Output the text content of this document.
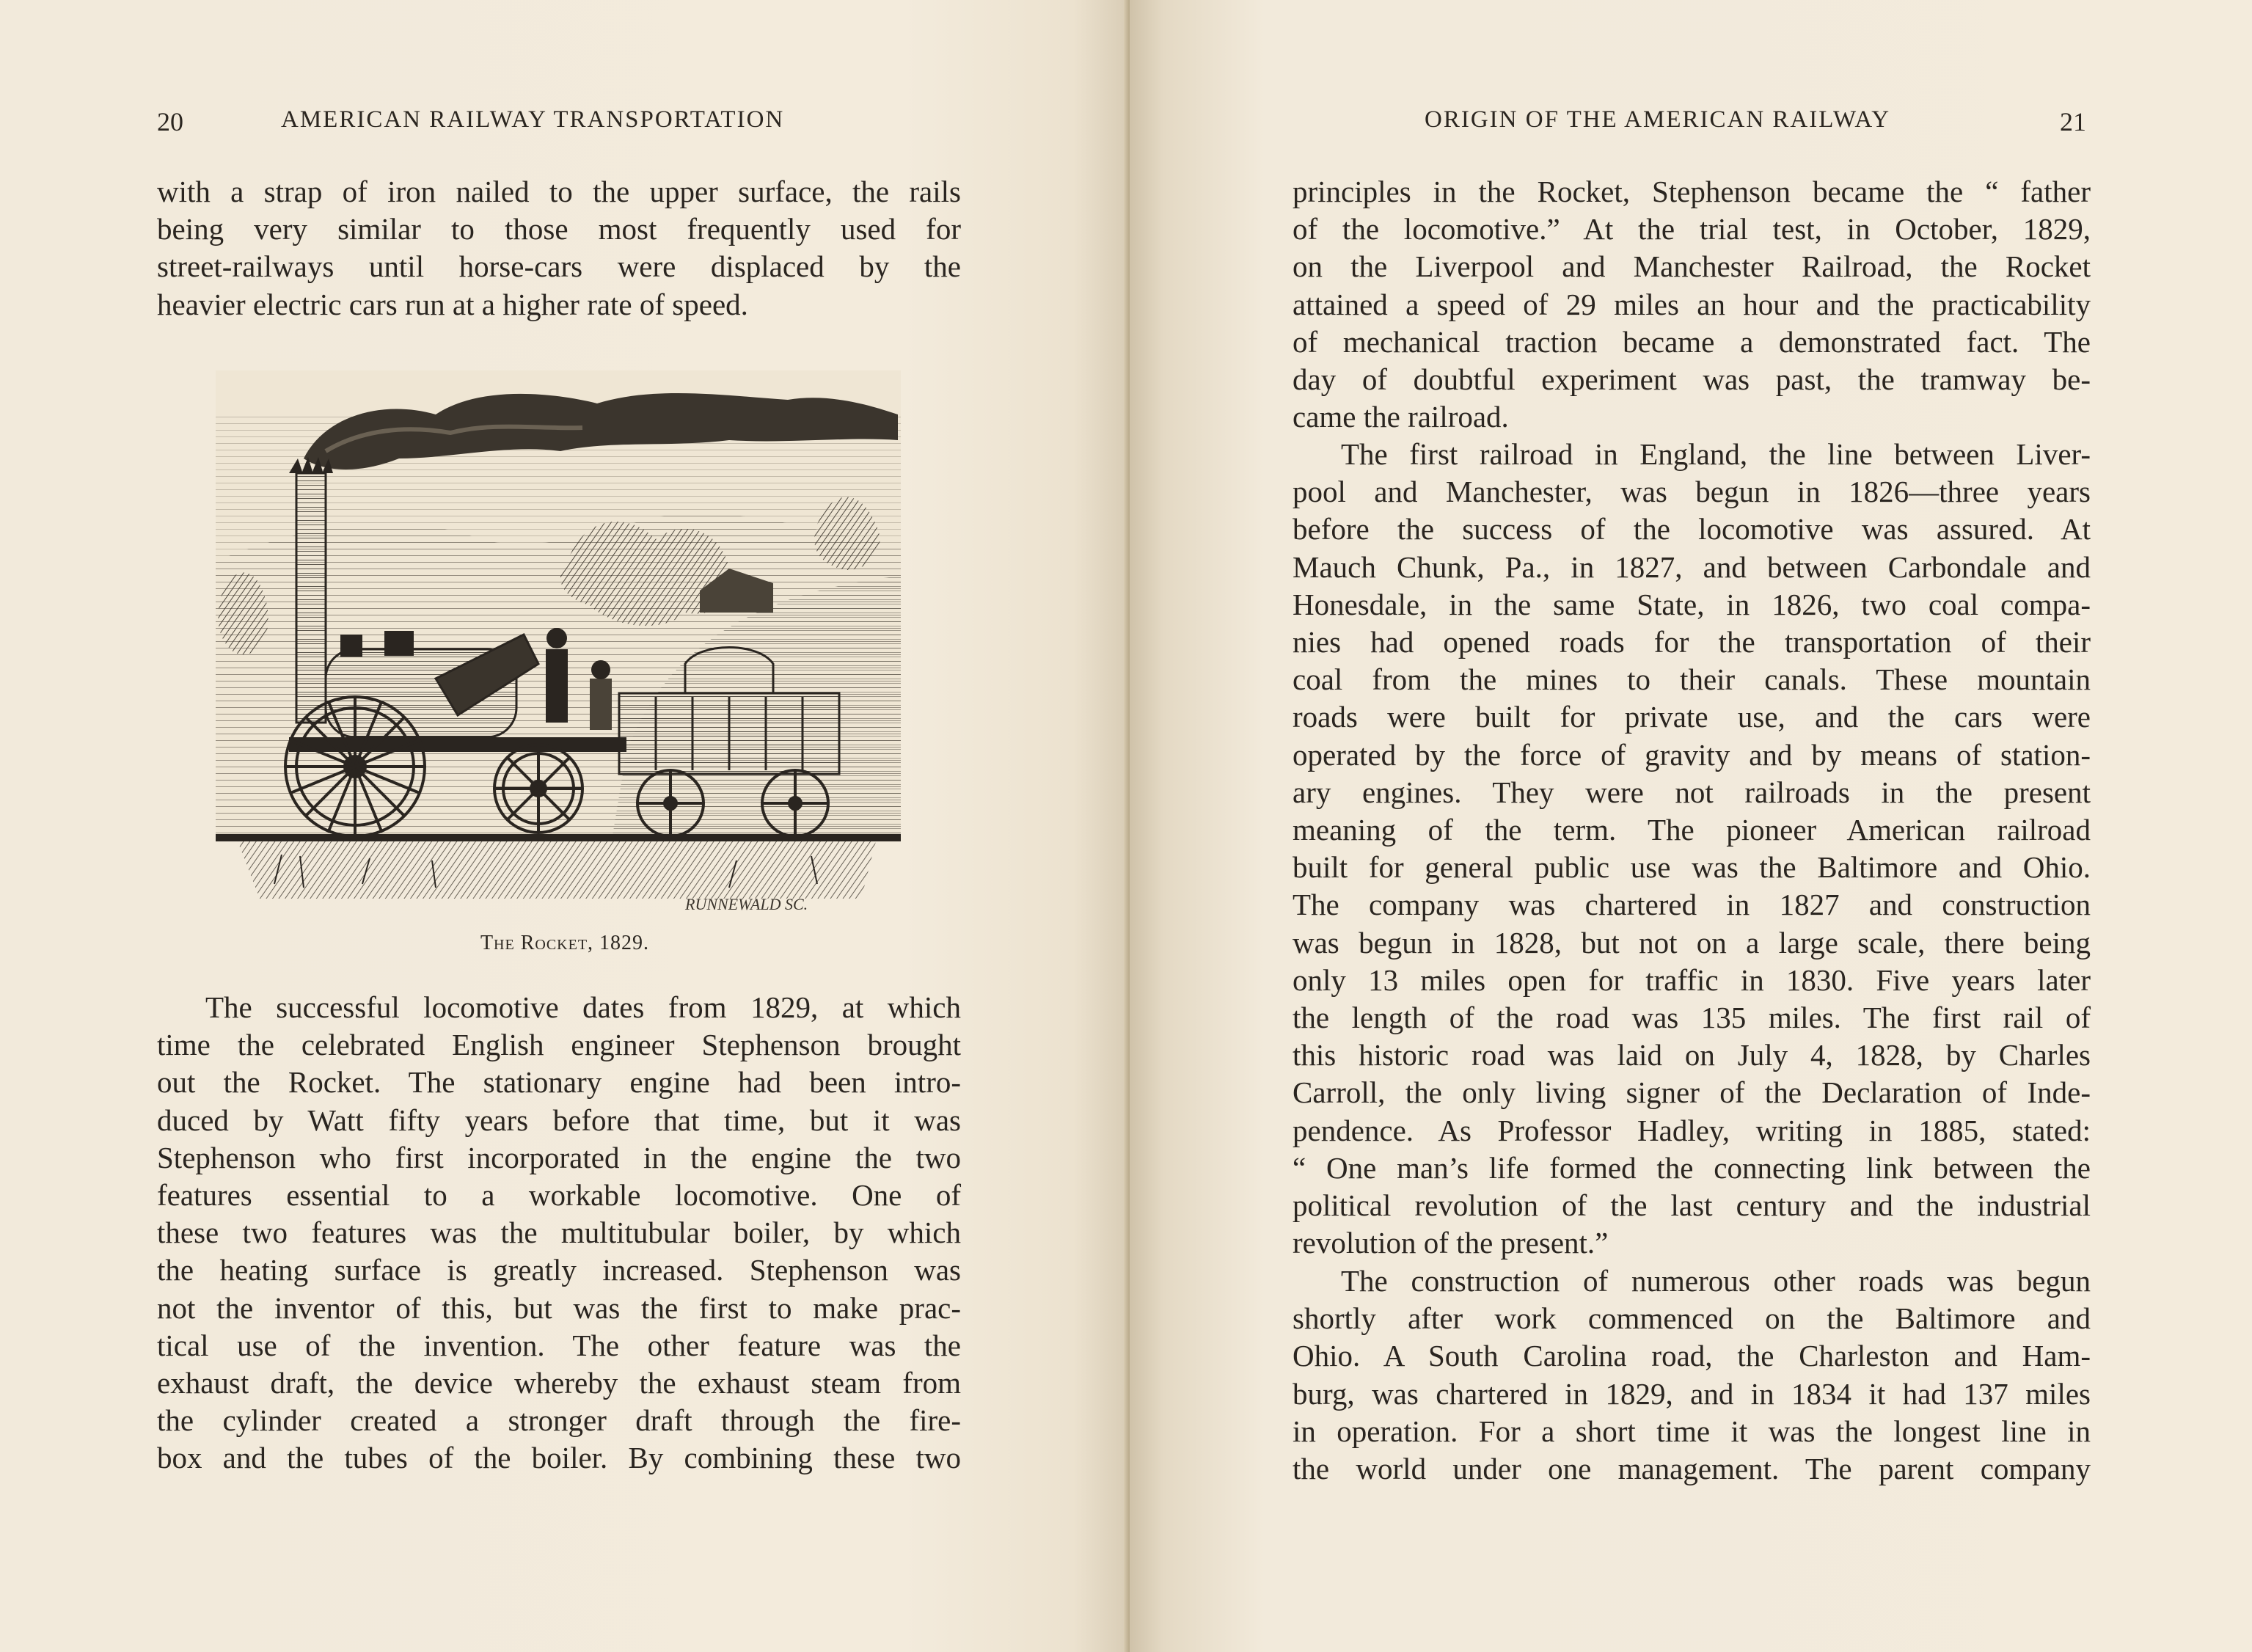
20	AMERICAN RAILWAY TRANSPORTATION
with a strap of iron nailed to the upper surface, the rails
being very similar to those most frequently used for
street-railways until horse-cars were displaced by the
heavier electric cars run at a higher rate of speed.
RUNNEWALD SC.
The Rocket, 1829.
The successful locomotive dates from 1829, at which
time the celebrated English engineer Stephenson brought
out the Rocket. The stationary engine had been intro-
duced by Watt fifty years before that time, but it was
Stephenson who first incorporated in the engine the two
features essential to a workable locomotive. One of
these two features was the multitubular boiler, by which
the heating surface is greatly increased. Stephenson was
not the inventor of this, but was the first to make prac-
tical use of the invention. The other feature was the
exhaust draft, the device whereby the exhaust steam from
the cylinder created a stronger draft through the fire-
box and the tubes of the boiler. By combining these two
ORIGIN OF THE AMERICAN RAILWAY	21
principles in the Rocket, Stephenson became the “ father
of the locomotive.” At the trial test, in October, 1829,
on the Liverpool and Manchester Railroad, the Rocket
attained a speed of 29 miles an hour and the practicability
of mechanical traction became a demonstrated fact. The
day of doubtful experiment was past, the tramway be-
came the railroad.
The first railroad in England, the line between Liver-
pool and Manchester, was begun in 1826—three years
before the success of the locomotive was assured. At
Mauch Chunk, Pa., in 1827, and between Carbondale and
Honesdale, in the same State, in 1826, two coal compa-
nies had opened roads for the transportation of their
coal from the mines to their canals. These mountain
roads were built for private use, and the cars were
operated by the force of gravity and by means of station-
ary engines. They were not railroads in the present
meaning of the term. The pioneer American railroad
built for general public use was the Baltimore and Ohio.
The company was chartered in 1827 and construction
was begun in 1828, but not on a large scale, there being
only 13 miles open for traffic in 1830. Five years later
the length of the road was 135 miles. The first rail of
this historic road was laid on July 4, 1828, by Charles
Carroll, the only living signer of the Declaration of Inde-
pendence. As Professor Hadley, writing in 1885, stated:
“ One man’s life formed the connecting link between the
political revolution of the last century and the industrial
revolution of the present.”
The construction of numerous other roads was begun
shortly after work commenced on the Baltimore and
Ohio. A South Carolina road, the Charleston and Ham-
burg, was chartered in 1829, and in 1834 it had 137 miles
in operation. For a short time it was the longest line in
the world under one management. The parent company
